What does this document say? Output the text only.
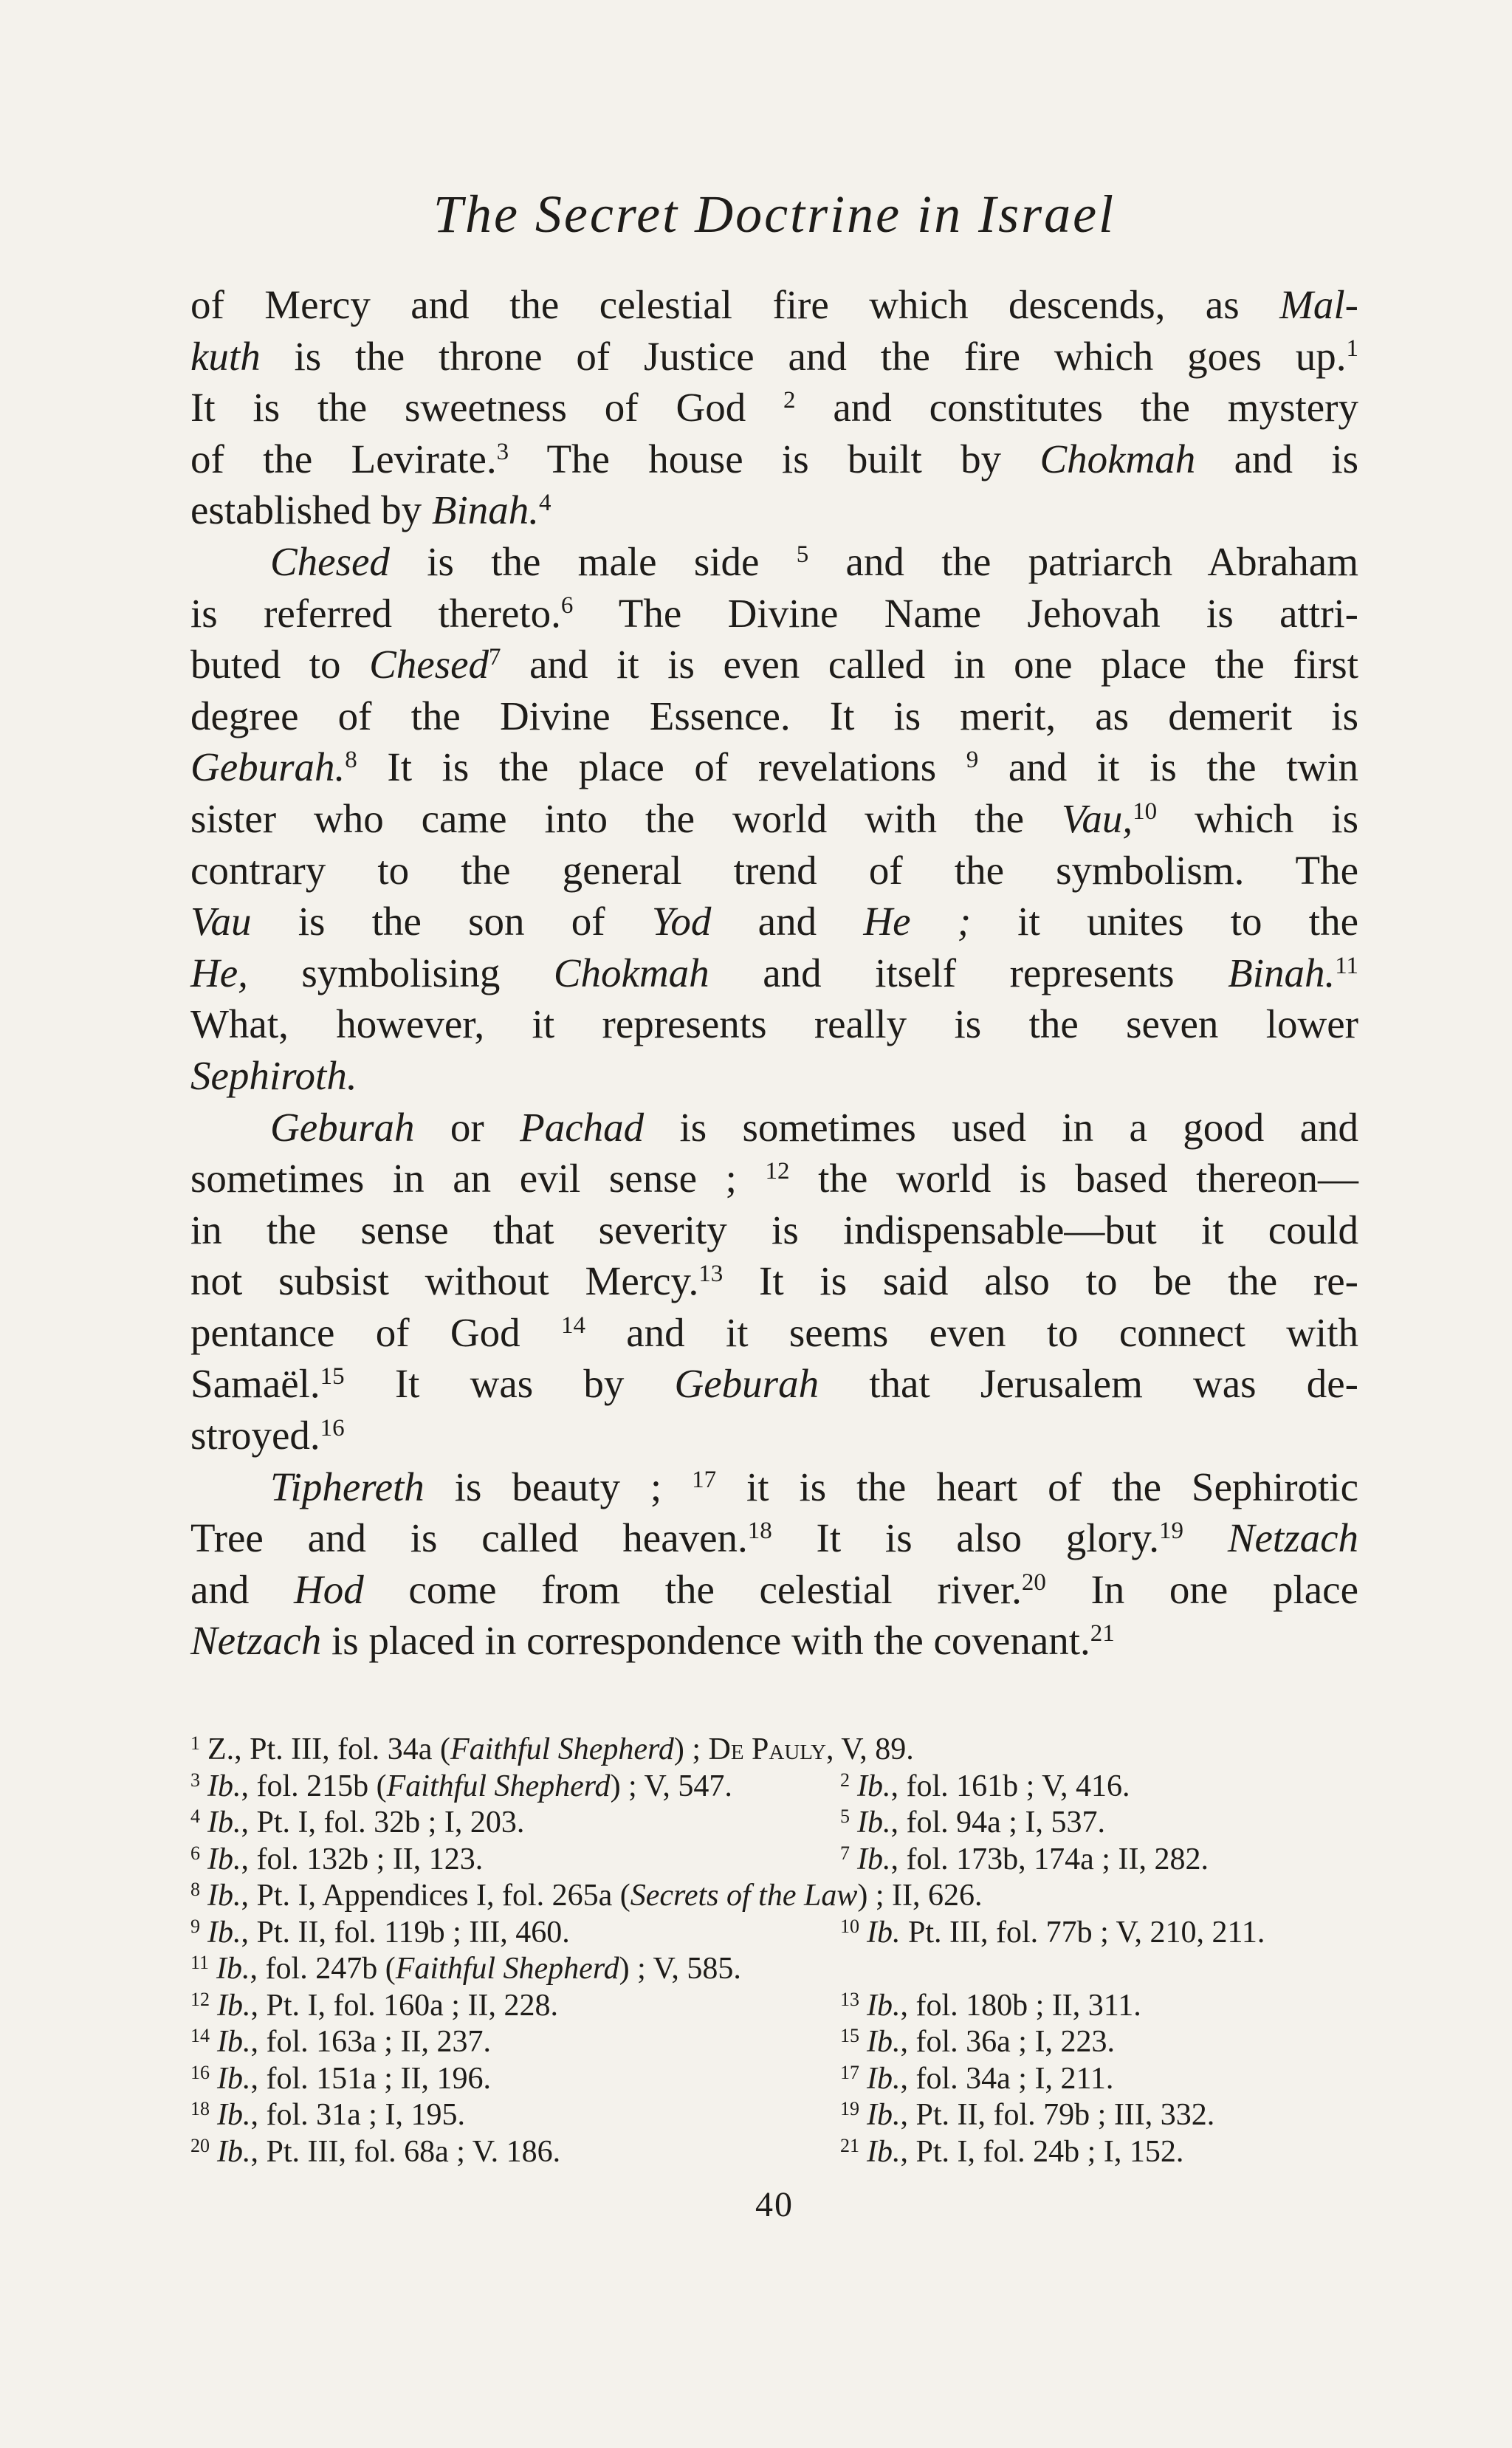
The Secret Doctrine in Israel
of Mercy and the celestial fire which descends, as Mal-
kuth is the throne of Justice and the fire which goes up.$^1$
It is the sweetness of God $^2$ and constitutes the mystery
of the Levirate.$^3$ The house is built by Chokmah and is
established by Binah.$^4$
Chesed is the male side $^5$ and the patriarch Abraham
is referred thereto.$^6$ The Divine Name Jehovah is attri-
buted to Chesed$^7$ and it is even called in one place the first
degree of the Divine Essence. It is merit, as demerit is
Geburah.$^8$ It is the place of revelations $^9$ and it is the twin
sister who came into the world with the Vau,$^{10}$ which is
contrary to the general trend of the symbolism. The
Vau is the son of Yod and He ; it unites to the
He, symbolising Chokmah and itself represents Binah.$^{11}$
What, however, it represents really is the seven lower
Sephiroth.
Geburah or Pachad is sometimes used in a good and
sometimes in an evil sense ; $^{12}$ the world is based thereon—
in the sense that severity is indispensable—but it could
not subsist without Mercy.$^{13}$ It is said also to be the re-
pentance of God $^{14}$ and it seems even to connect with
Samaël.$^{15}$ It was by Geburah that Jerusalem was de-
stroyed.$^{16}$
Tiphereth is beauty ; $^{17}$ it is the heart of the Sephirotic
Tree and is called heaven.$^{18}$ It is also glory.$^{19}$ Netzach
and Hod come from the celestial river.$^{20}$ In one place
Netzach is placed in correspondence with the covenant.$^{21}$
$^1$ Z., Pt. III, fol. 34a (Faithful Shepherd) ; De Pauly, V, 89.
$^3$ Ib., fol. 215b (Faithful Shepherd) ; V, 547.	$^2$ Ib., fol. 161b ; V, 416.
$^4$ Ib., Pt. I, fol. 32b ; I, 203.	$^5$ Ib., fol. 94a ; I, 537.
$^6$ Ib., fol. 132b ; II, 123.	$^7$ Ib., fol. 173b, 174a ; II, 282.
$^8$ Ib., Pt. I, Appendices I, fol. 265a (Secrets of the Law) ; II, 626.
$^9$ Ib., Pt. II, fol. 119b ; III, 460.	$^{10}$ Ib. Pt. III, fol. 77b ; V, 210, 211.
$^{11}$ Ib., fol. 247b (Faithful Shepherd) ; V, 585.
$^{12}$ Ib., Pt. I, fol. 160a ; II, 228.	$^{13}$ Ib., fol. 180b ; II, 311.
$^{14}$ Ib., fol. 163a ; II, 237.	$^{15}$ Ib., fol. 36a ; I, 223.
$^{16}$ Ib., fol. 151a ; II, 196.	$^{17}$ Ib., fol. 34a ; I, 211.
$^{18}$ Ib., fol. 31a ; I, 195.	$^{19}$ Ib., Pt. II, fol. 79b ; III, 332.
$^{20}$ Ib., Pt. III, fol. 68a ; V. 186.	$^{21}$ Ib., Pt. I, fol. 24b ; I, 152.
40
